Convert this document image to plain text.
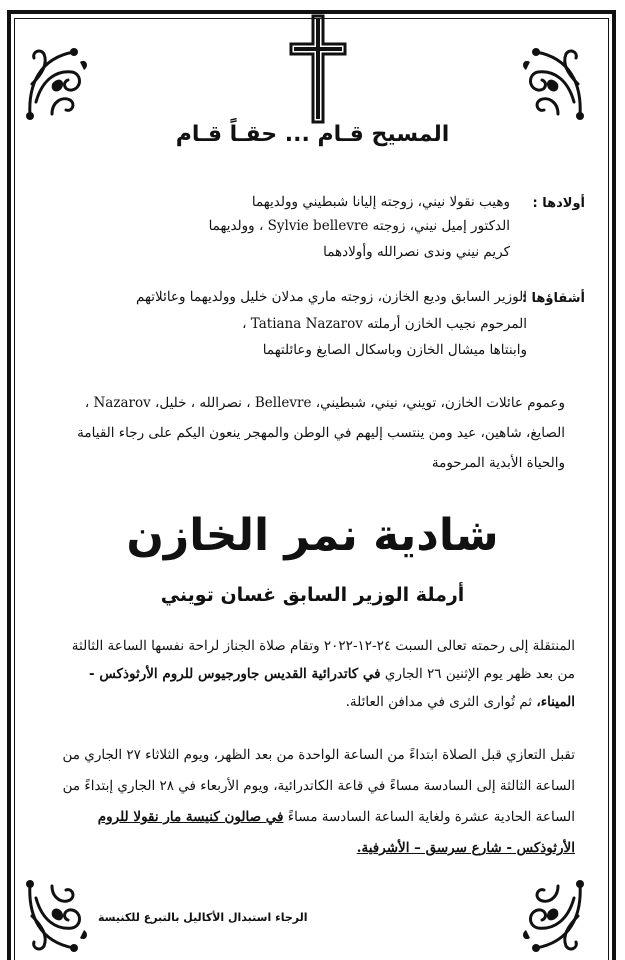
المسيح قـام ... حقـاً قـام
أولادها :
وهيب نقولا نيني، زوجته إليانا شبطيني وولديهما
الدكتور إميل نيني، زوجته Sylvie bellevre ، وولديهما
كريم نيني وندى نصرالله وأولادهما
أشقاؤها :
الوزير السابق وديع الخازن، زوجته ماري مدلان خليل وولديهما وعائلاتهم
المرحوم نجيب الخازن أرملته Tatiana Nazarov ،
وابنتاها ميشال الخازن وباسكال الصايغ وعائلتهما
وعموم عائلات الخازن، تويني، نيني، شبطيني، Bellevre ، نصرالله ، خليل، Nazarov ، الصايغ، شاهين، عيد ومن ينتسب إليهم في الوطن والمهجر ينعون اليكم على رجاء القيامة والحياة الأبدية المرحومة
شادية نمر الخازن
أرملة الوزير السابق غسان تويني
المنتقلة إلى رحمته تعالى السبت ٢٤-١٢-٢٠٢٢ وتقام صلاة الجناز لراحة نفسها الساعة الثالثة من بعد ظهر يوم الإثنين ٢٦ الجاري في كاتدرائية القديس جاورجيوس للروم الأرثوذكس - الميناء، ثم تُوارى الثرى في مدافن العائلة.
تقبل التعازي قبل الصلاة ابتداءً من الساعة الواحدة من بعد الظهر، ويوم الثلاثاء ٢٧ الجاري من الساعة الثالثة إلى السادسة مساءً في قاعة الكاتدرائية، ويوم الأربعاء في ٢٨ الجاري إبتداءً من الساعة الحادية عشرة ولغاية الساعة السادسة مساءً في صالون كنيسة مار نقولا للروم الأرثوذكس - شارع سرسق – الأشرفية.
الرجاء استبدال الأكاليل بالتبرع للكنيسة
